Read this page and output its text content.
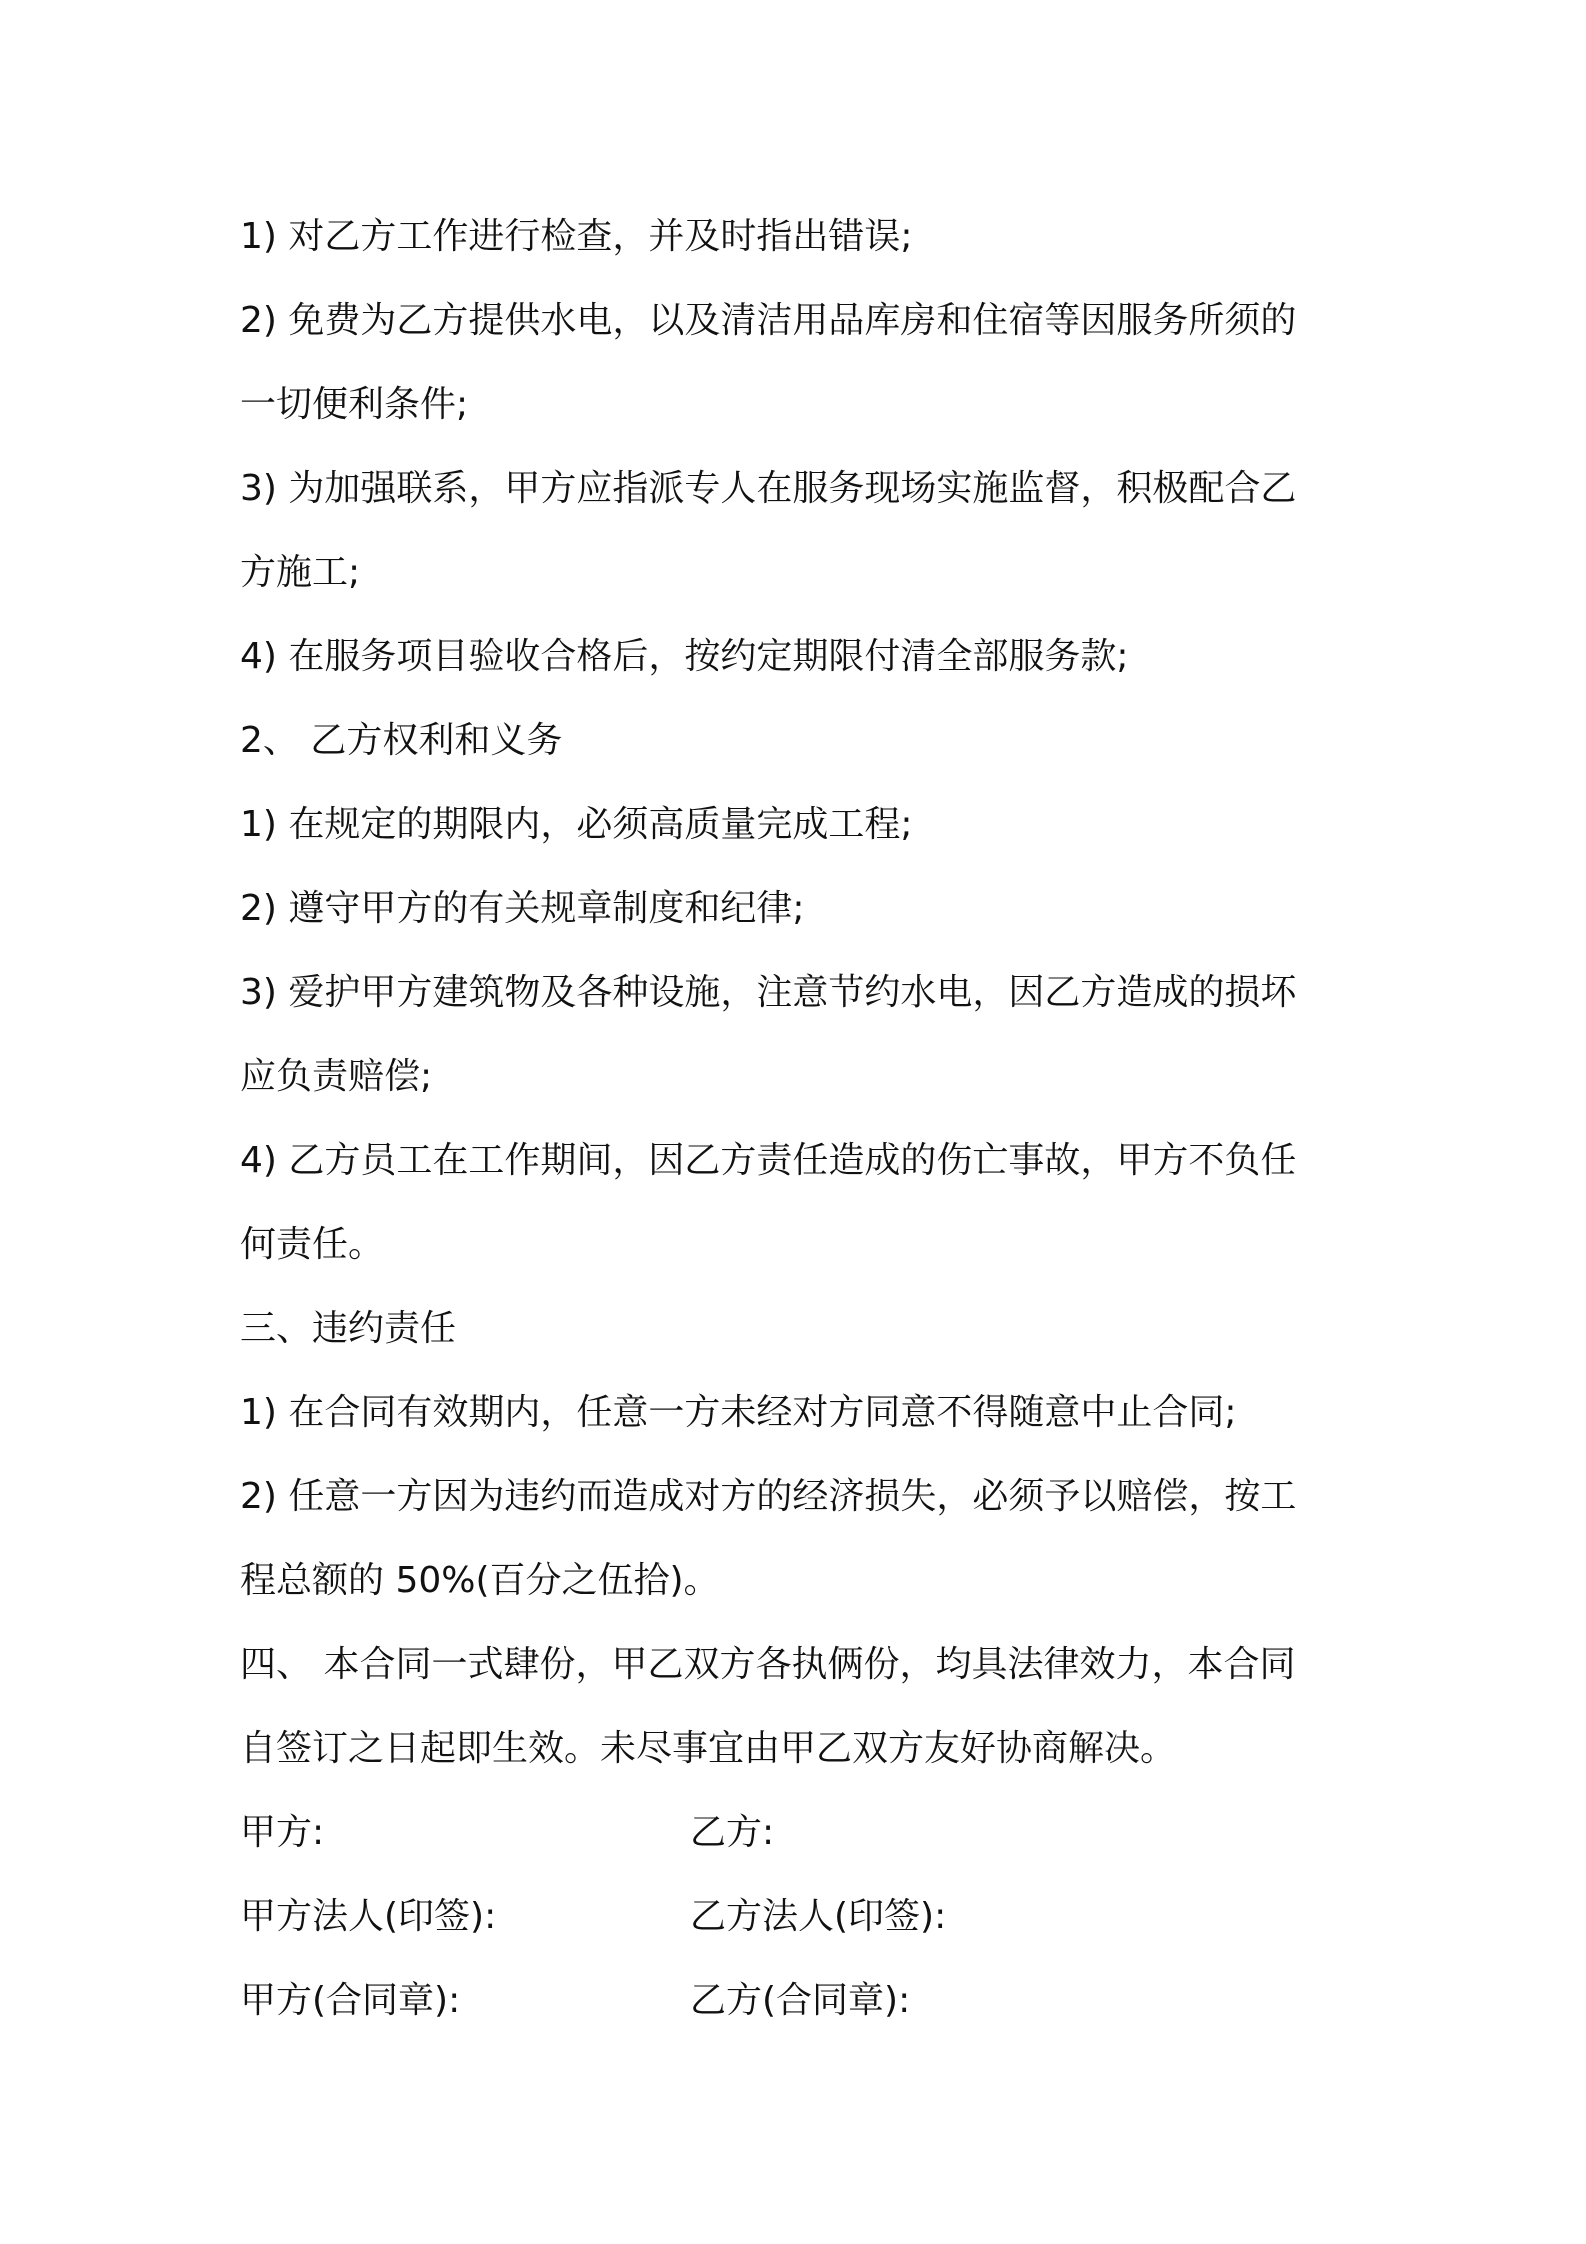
1) 对乙方工作进行检查，并及时指出错误;
2) 免费为乙方提供水电，以及清洁用品库房和住宿等因服务所须的
一切便利条件;
3) 为加强联系，甲方应指派专人在服务现场实施监督，积极配合乙
方施工;
4) 在服务项目验收合格后，按约定期限付清全部服务款;
2、 乙方权利和义务
1) 在规定的期限内，必须高质量完成工程;
2) 遵守甲方的有关规章制度和纪律;
3) 爱护甲方建筑物及各种设施，注意节约水电，因乙方造成的损坏
应负责赔偿;
4) 乙方员工在工作期间，因乙方责任造成的伤亡事故，甲方不负任
何责任。
三、违约责任
1) 在合同有效期内，任意一方未经对方同意不得随意中止合同;
2) 任意一方因为违约而造成对方的经济损失，必须予以赔偿，按工
程总额的 50%(百分之伍拾)。
四、 本合同一式肆份，甲乙双方各执俩份，均具法律效力，本合同
自签订之日起即生效。未尽事宜由甲乙双方友好协商解决。
甲方:	乙方:
甲方法人(印签):	乙方法人(印签):
甲方(合同章):	乙方(合同章):
